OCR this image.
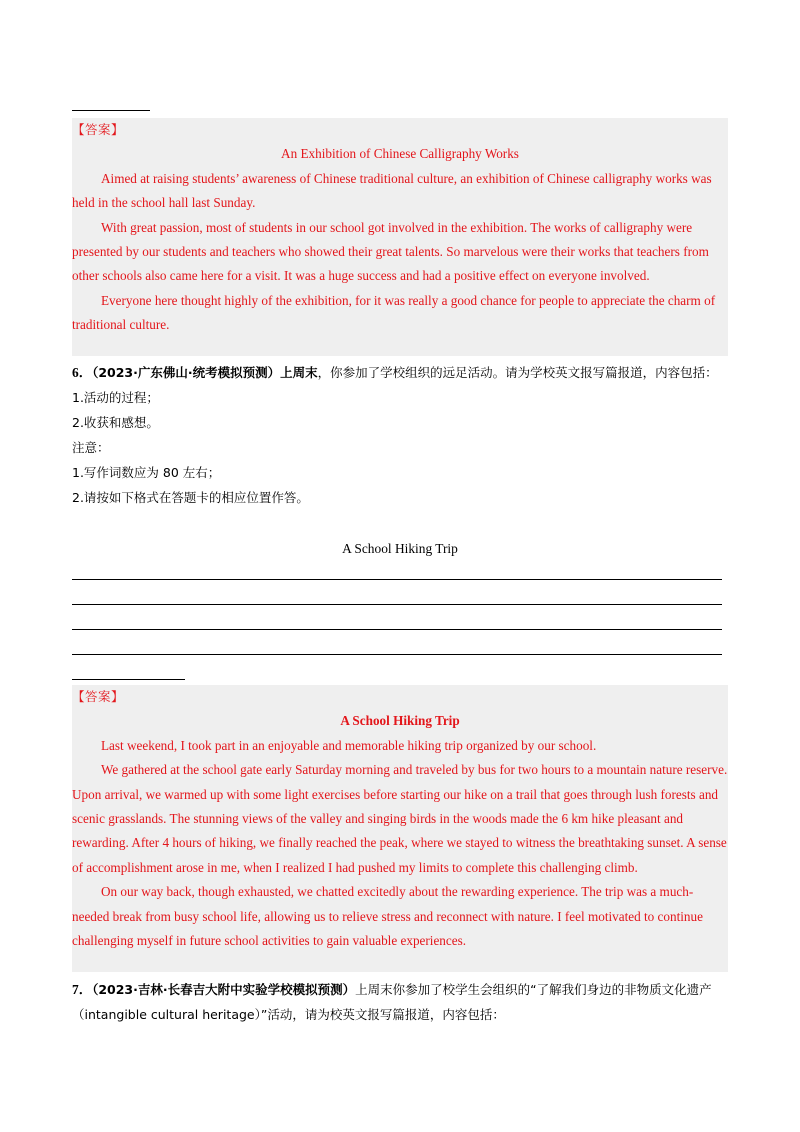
【答案】

An Exhibition of Chinese Calligraphy Works

Aimed at raising students’ awareness of Chinese traditional culture, an exhibition of Chinese calligraphy works was held in the school hall last Sunday.

With great passion, most of students in our school got involved in the exhibition. The works of calligraphy were presented by our students and teachers who showed their great talents. So marvelous were their works that teachers from other schools also came here for a visit. It was a huge success and had a positive effect on everyone involved.

Everyone here thought highly of the exhibition, for it was really a good chance for people to appreciate the charm of traditional culture.

6．（2023·广东佛山·统考模拟预测）上周末，你参加了学校组织的远足活动。请为学校英文报写篇报道，内容包括：

1.活动的过程；

2.收获和感想。

注意：

1.写作词数应为 80 左右；

2.请按如下格式在答题卡的相应位置作答。

A School Hiking Trip

【答案】

A School Hiking Trip

Last weekend, I took part in an enjoyable and memorable hiking trip organized by our school.

We gathered at the school gate early Saturday morning and traveled by bus for two hours to a mountain nature reserve. Upon arrival, we warmed up with some light exercises before starting our hike on a trail that goes through lush forests and scenic grasslands. The stunning views of the valley and singing birds in the woods made the 6 km hike pleasant and rewarding. After 4 hours of hiking, we finally reached the peak, where we stayed to witness the breathtaking sunset. A sense of accomplishment arose in me, when I realized I had pushed my limits to complete this challenging climb.

On our way back, though exhausted, we chatted excitedly about the rewarding experience. The trip was a much-needed break from busy school life, allowing us to relieve stress and reconnect with nature. I feel motivated to continue challenging myself in future school activities to gain valuable experiences.

7．（2023·吉林·长春吉大附中实验学校模拟预测）上周末你参加了校学生会组织的“了解我们身边的非物质文化遗产（intangible cultural heritage）”活动，请为校英文报写篇报道，内容包括：
